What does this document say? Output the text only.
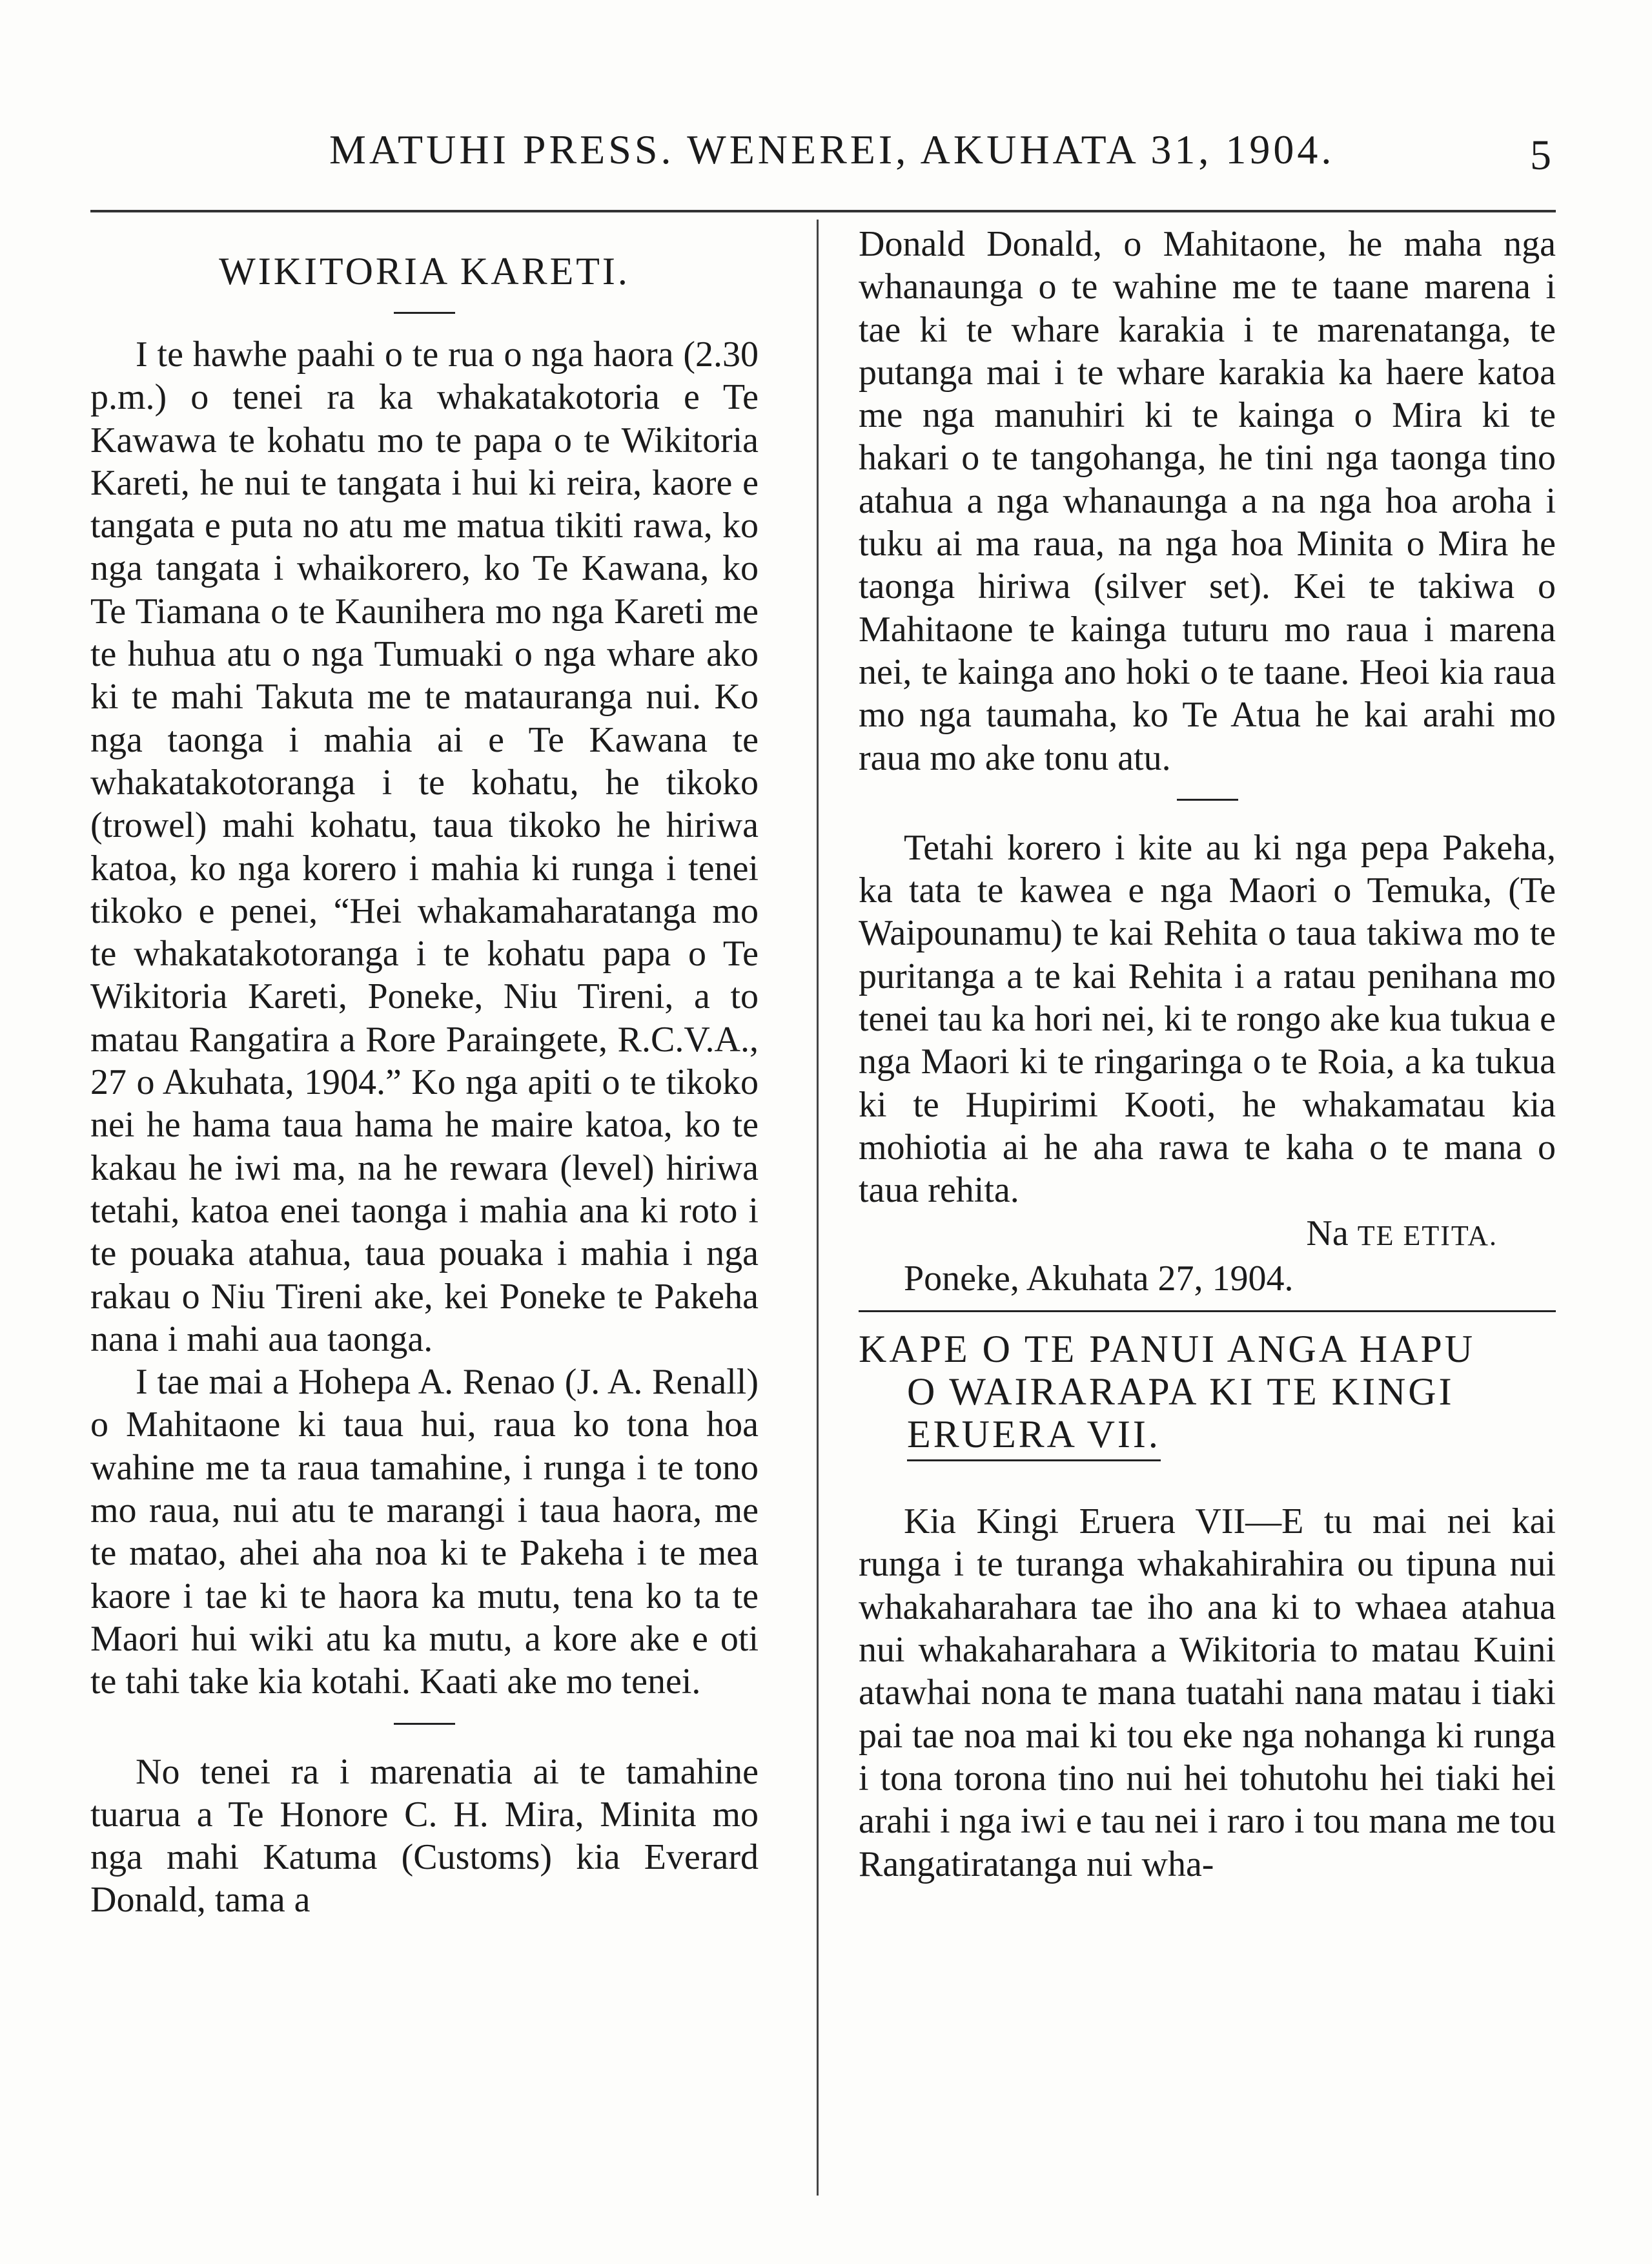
MATUHI PRESS. WENEREI, AKUHATA 31, 1904.	5
WIKITORIA KARETI.

I te hawhe paahi o te rua o nga haora (2.30 p.m.) o tenei ra ka whakatakotoria e Te Kawawa te kohatu mo te papa o te Wikitoria Kareti, he nui te tangata i hui ki reira, kaore e tangata e puta no atu me matua tikiti rawa, ko nga tangata i whaikorero, ko Te Kawana, ko Te Tiamana o te Kaunihera mo nga Kareti me te huhua atu o nga Tumuaki o nga whare ako ki te mahi Takuta me te matauranga nui. Ko nga taonga i mahia ai e Te Kawana te whakatakotoranga i te kohatu, he tikoko (trowel) mahi kohatu, taua tikoko he hiriwa katoa, ko nga korero i mahia ki runga i tenei tikoko e penei, “Hei whakamaharatanga mo te whakatakotoranga i te kohatu papa o Te Wikitoria Kareti, Poneke, Niu Tireni, a to matau Rangatira a Rore Paraingete, R.C.V.A., 27 o Akuhata, 1904.” Ko nga apiti o te tikoko nei he hama taua hama he maire katoa, ko te kakau he iwi ma, na he rewara (level) hiriwa tetahi, katoa enei taonga i mahia ana ki roto i te pouaka atahua, taua pouaka i mahia i nga rakau o Niu Tireni ake, kei Poneke te Pakeha nana i mahi aua taonga.

I tae mai a Hohepa A. Renao (J. A. Renall) o Mahitaone ki taua hui, raua ko tona hoa wahine me ta raua tamahine, i runga i te tono mo raua, nui atu te marangi i taua haora, me te matao, ahei aha noa ki te Pakeha i te mea kaore i tae ki te haora ka mutu, tena ko ta te Maori hui wiki atu ka mutu, a kore ake e oti te tahi take kia kotahi. Kaati ake mo tenei.

No tenei ra i marenatia ai te tamahine tuarua a Te Honore C. H. Mira, Minita mo nga mahi Katuma (Customs) kia Everard Donald, tama a

Donald Donald, o Mahitaone, he maha nga whanaunga o te wahine me te taane marena i tae ki te whare karakia i te marenatanga, te putanga mai i te whare karakia ka haere katoa me nga manuhiri ki te kainga o Mira ki te hakari o te tangohanga, he tini nga taonga tino atahua a nga whanaunga a na nga hoa aroha i tuku ai ma raua, na nga hoa Minita o Mira he taonga hiriwa (silver set). Kei te takiwa o Mahitaone te kainga tuturu mo raua i marena nei, te kainga ano hoki o te taane. Heoi kia raua mo nga taumaha, ko Te Atua he kai arahi mo raua mo ake tonu atu.

Tetahi korero i kite au ki nga pepa Pakeha, ka tata te kawea e nga Maori o Temuka, (Te Waipounamu) te kai Rehita o taua takiwa mo te puritanga a te kai Rehita i a ratau penihana mo tenei tau ka hori nei, ki te rongo ake kua tukua e nga Maori ki te ringaringa o te Roia, a ka tukua ki te Hupirimi Kooti, he whakamatau kia mohiotia ai he aha rawa te kaha o te mana o taua rehita.

Na TE ETITA.
Poneke, Akuhata 27, 1904.
KAPE O TE PANUI ANGA HAPU
O WAIRARAPA KI TE KINGI
ERUERA VII.

Kia Kingi Eruera VII—E tu mai nei kai runga i te turanga whakahirahira ou tipuna nui whakaharahara tae iho ana ki to whaea atahua nui whakaharahara a Wikitoria to matau Kuini atawhai nona te mana tuatahi nana matau i tiaki pai tae noa mai ki tou eke nga nohanga ki runga i tona torona tino nui hei tohutohu hei tiaki hei arahi i nga iwi e tau nei i raro i tou mana me tou Rangatiratanga nui wha-
